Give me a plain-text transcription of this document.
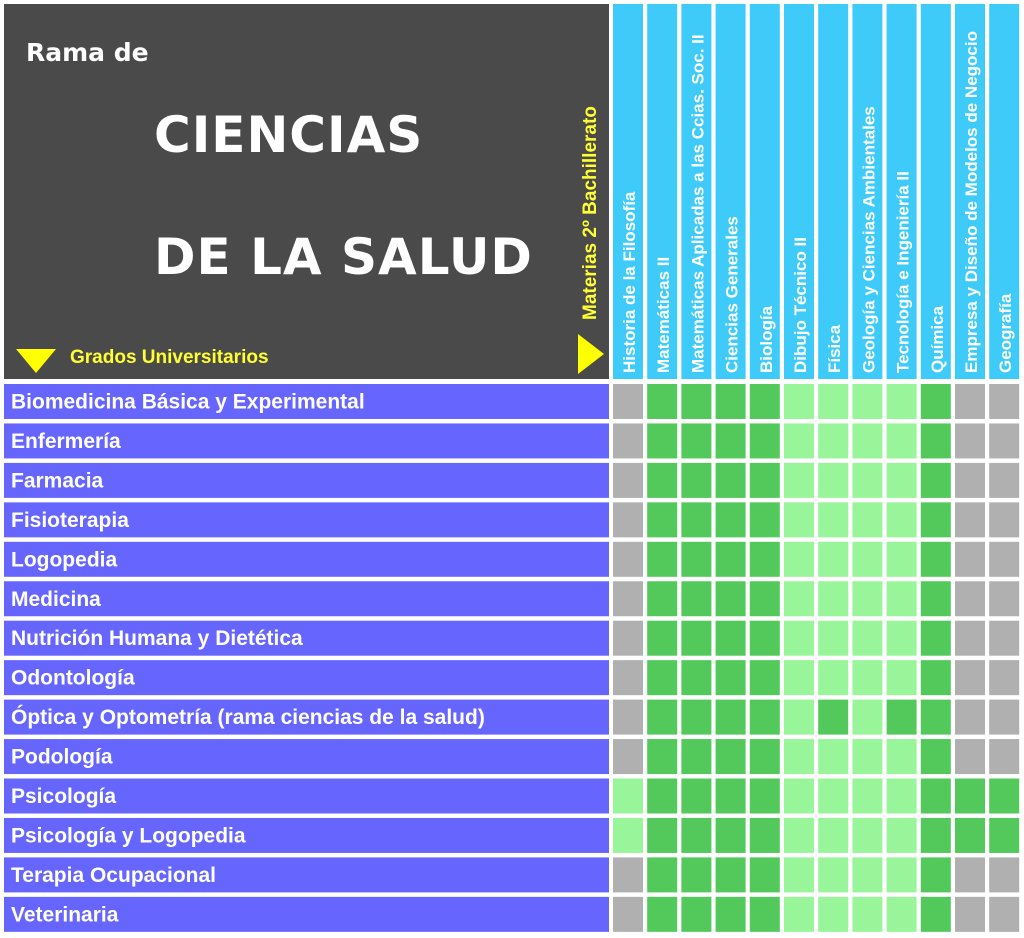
Rama de
CIENCIAS
DE LA SALUD
Grados Universitarios
Materias 2º Bachillerato Historia de la Filosofía Matemáticas II Matemáticas Aplicadas a las Ccias. Soc. II Ciencias Generales Biología Dibujo Técnico II Física Geología y Ciencias Ambientales Tecnología e Ingeniería II Química Empresa y Diseño de Modelos de Negocio Geografía
Biomedicina Básica y Experimental
Enfermería
Farmacia
Fisioterapia
Logopedia
Medicina
Nutrición Humana y Dietética
Odontología
Óptica y Optometría (rama ciencias de la salud)
Podología
Psicología
Psicología y Logopedia
Terapia Ocupacional
Veterinaria
